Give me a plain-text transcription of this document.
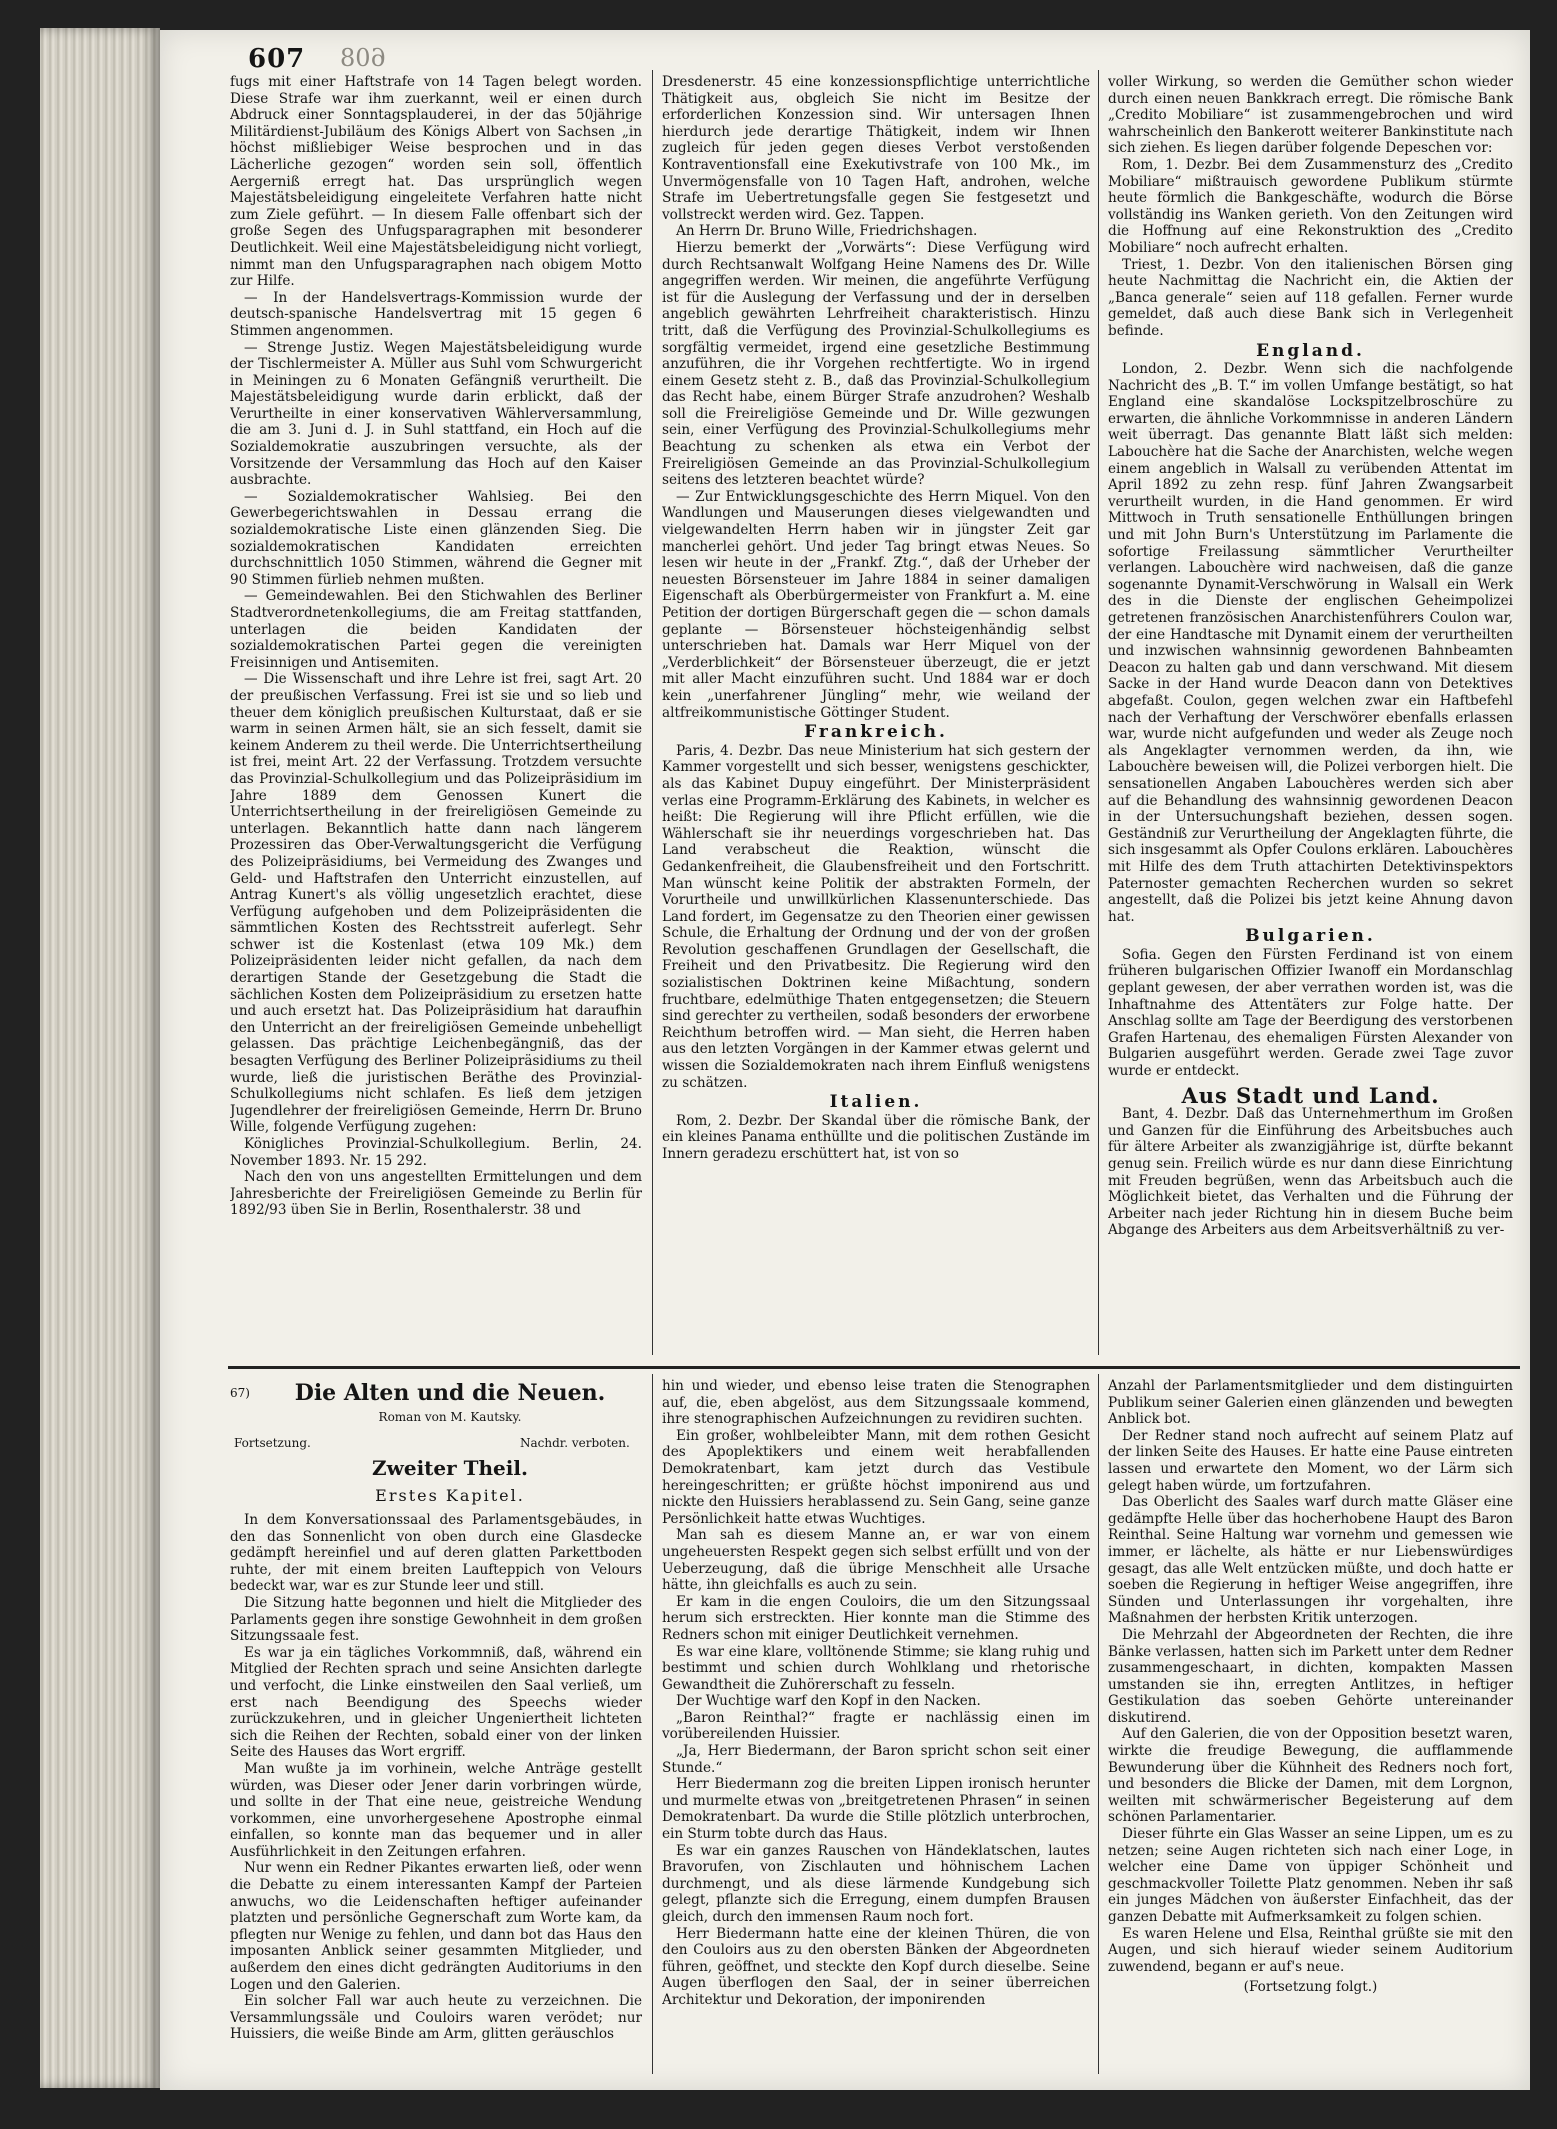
607 608

fugs mit einer Haftstrafe von 14 Tagen belegt worden. Diese Strafe war ihm zuerkannt, weil er einen durch Abdruck einer Sonntagsplauderei, in der das 50jährige Militärdienst-Jubiläum des Königs Albert von Sachsen „in höchst mißliebiger Weise besprochen und in das Lächerliche gezogen“ worden sein soll, öffentlich Aergerniß erregt hat. Das ursprünglich wegen Majestätsbeleidigung eingeleitete Verfahren hatte nicht zum Ziele geführt. — In diesem Falle offenbart sich der große Segen des Unfugsparagraphen mit besonderer Deutlichkeit. Weil eine Majestätsbeleidigung nicht vorliegt, nimmt man den Unfugsparagraphen nach obigem Motto zur Hilfe.

— In der Handelsvertrags-Kommission wurde der deutsch-spanische Handelsvertrag mit 15 gegen 6 Stimmen angenommen.

— Strenge Justiz. Wegen Majestätsbeleidigung wurde der Tischlermeister A. Müller aus Suhl vom Schwurgericht in Meiningen zu 6 Monaten Gefängniß verurtheilt. Die Majestätsbeleidigung wurde darin erblickt, daß der Verurtheilte in einer konservativen Wählerversammlung, die am 3. Juni d. J. in Suhl stattfand, ein Hoch auf die Sozialdemokratie auszubringen versuchte, als der Vorsitzende der Versammlung das Hoch auf den Kaiser ausbrachte.

— Sozialdemokratischer Wahlsieg. Bei den Gewerbegerichtswahlen in Dessau errang die sozialdemokratische Liste einen glänzenden Sieg. Die sozialdemokratischen Kandidaten erreichten durchschnittlich 1050 Stimmen, während die Gegner mit 90 Stimmen fürlieb nehmen mußten.

— Gemeindewahlen. Bei den Stichwahlen des Berliner Stadtverordnetenkollegiums, die am Freitag stattfanden, unterlagen die beiden Kandidaten der sozialdemokratischen Partei gegen die vereinigten Freisinnigen und Antisemiten.

— Die Wissenschaft und ihre Lehre ist frei, sagt Art. 20 der preußischen Verfassung. Frei ist sie und so lieb und theuer dem königlich preußischen Kulturstaat, daß er sie warm in seinen Armen hält, sie an sich fesselt, damit sie keinem Anderem zu theil werde. Die Unterrichtsertheilung ist frei, meint Art. 22 der Verfassung. Trotzdem versuchte das Provinzial-Schulkollegium und das Polizeipräsidium im Jahre 1889 dem Genossen Kunert die Unterrichtsertheilung in der freireligiösen Gemeinde zu unterlagen. Bekanntlich hatte dann nach längerem Prozessiren das Ober-Verwaltungsgericht die Verfügung des Polizeipräsidiums, bei Vermeidung des Zwanges und Geld- und Haftstrafen den Unterricht einzustellen, auf Antrag Kunert's als völlig ungesetzlich erachtet, diese Verfügung aufgehoben und dem Polizeipräsidenten die sämmtlichen Kosten des Rechtsstreit auferlegt. Sehr schwer ist die Kostenlast (etwa 109 Mk.) dem Polizeipräsidenten leider nicht gefallen, da nach dem derartigen Stande der Gesetzgebung die Stadt die sächlichen Kosten dem Polizeipräsidium zu ersetzen hatte und auch ersetzt hat. Das Polizeipräsidium hat daraufhin den Unterricht an der freireligiösen Gemeinde unbehelligt gelassen. Das prächtige Leichenbegängniß, das der besagten Verfügung des Berliner Polizeipräsidiums zu theil wurde, ließ die juristischen Beräthe des Provinzial-Schulkollegiums nicht schlafen. Es ließ dem jetzigen Jugendlehrer der freireligiösen Gemeinde, Herrn Dr. Bruno Wille, folgende Verfügung zugehen:

Königliches Provinzial-Schulkollegium. Berlin, 24. November 1893. Nr. 15 292.

Nach den von uns angestellten Ermittelungen und dem Jahresberichte der Freireligiösen Gemeinde zu Berlin für 1892/93 üben Sie in Berlin, Rosenthalerstr. 38 und

Dresdenerstr. 45 eine konzessionspflichtige unterrichtliche Thätigkeit aus, obgleich Sie nicht im Besitze der erforderlichen Konzession sind. Wir untersagen Ihnen hierdurch jede derartige Thätigkeit, indem wir Ihnen zugleich für jeden gegen dieses Verbot verstoßenden Kontraventionsfall eine Exekutivstrafe von 100 Mk., im Unvermögensfalle von 10 Tagen Haft, androhen, welche Strafe im Uebertretungsfalle gegen Sie festgesetzt und vollstreckt werden wird. Gez. Tappen.

An Herrn Dr. Bruno Wille, Friedrichshagen.

Hierzu bemerkt der „Vorwärts“: Diese Verfügung wird durch Rechtsanwalt Wolfgang Heine Namens des Dr. Wille angegriffen werden. Wir meinen, die angeführte Verfügung ist für die Auslegung der Verfassung und der in derselben angeblich gewährten Lehrfreiheit charakteristisch. Hinzu tritt, daß die Verfügung des Provinzial-Schulkollegiums es sorgfältig vermeidet, irgend eine gesetzliche Bestimmung anzuführen, die ihr Vorgehen rechtfertigte. Wo in irgend einem Gesetz steht z. B., daß das Provinzial-Schulkollegium das Recht habe, einem Bürger Strafe anzudrohen? Weshalb soll die Freireligiöse Gemeinde und Dr. Wille gezwungen sein, einer Verfügung des Provinzial-Schulkollegiums mehr Beachtung zu schenken als etwa ein Verbot der Freireligiösen Gemeinde an das Provinzial-Schulkollegium seitens des letzteren beachtet würde?

— Zur Entwicklungsgeschichte des Herrn Miquel. Von den Wandlungen und Mauserungen dieses vielgewandten und vielgewandelten Herrn haben wir in jüngster Zeit gar mancherlei gehört. Und jeder Tag bringt etwas Neues. So lesen wir heute in der „Frankf. Ztg.“, daß der Urheber der neuesten Börsensteuer im Jahre 1884 in seiner damaligen Eigenschaft als Oberbürgermeister von Frankfurt a. M. eine Petition der dortigen Bürgerschaft gegen die — schon damals geplante — Börsensteuer höchsteigenhändig selbst unterschrieben hat. Damals war Herr Miquel von der „Verderblichkeit“ der Börsensteuer überzeugt, die er jetzt mit aller Macht einzuführen sucht. Und 1884 war er doch kein „unerfahrener Jüngling“ mehr, wie weiland der altfreikommunistische Göttinger Student.

Frankreich.

Paris, 4. Dezbr. Das neue Ministerium hat sich gestern der Kammer vorgestellt und sich besser, wenigstens geschickter, als das Kabinet Dupuy eingeführt. Der Ministerpräsident verlas eine Programm-Erklärung des Kabinets, in welcher es heißt: Die Regierung will ihre Pflicht erfüllen, wie die Wählerschaft sie ihr neuerdings vorgeschrieben hat. Das Land verabscheut die Reaktion, wünscht die Gedankenfreiheit, die Glaubensfreiheit und den Fortschritt. Man wünscht keine Politik der abstrakten Formeln, der Vorurtheile und unwillkürlichen Klassenunterschiede. Das Land fordert, im Gegensatze zu den Theorien einer gewissen Schule, die Erhaltung der Ordnung und der von der großen Revolution geschaffenen Grundlagen der Gesellschaft, die Freiheit und den Privatbesitz. Die Regierung wird den sozialistischen Doktrinen keine Mißachtung, sondern fruchtbare, edelmüthige Thaten entgegensetzen; die Steuern sind gerechter zu vertheilen, sodaß besonders der erworbene Reichthum betroffen wird. — Man sieht, die Herren haben aus den letzten Vorgängen in der Kammer etwas gelernt und wissen die Sozialdemokraten nach ihrem Einfluß wenigstens zu schätzen.

Italien.

Rom, 2. Dezbr. Der Skandal über die römische Bank, der ein kleines Panama enthüllte und die politischen Zustände im Innern geradezu erschüttert hat, ist von so

voller Wirkung, so werden die Gemüther schon wieder durch einen neuen Bankkrach erregt. Die römische Bank „Credito Mobiliare“ ist zusammengebrochen und wird wahrscheinlich den Bankerott weiterer Bankinstitute nach sich ziehen. Es liegen darüber folgende Depeschen vor:

Rom, 1. Dezbr. Bei dem Zusammensturz des „Credito Mobiliare“ mißtrauisch gewordene Publikum stürmte heute förmlich die Bankgeschäfte, wodurch die Börse vollständig ins Wanken gerieth. Von den Zeitungen wird die Hoffnung auf eine Rekonstruktion des „Credito Mobiliare“ noch aufrecht erhalten.

Triest, 1. Dezbr. Von den italienischen Börsen ging heute Nachmittag die Nachricht ein, die Aktien der „Banca generale“ seien auf 118 gefallen. Ferner wurde gemeldet, daß auch diese Bank sich in Verlegenheit befinde.

England.

London, 2. Dezbr. Wenn sich die nachfolgende Nachricht des „B. T.“ im vollen Umfange bestätigt, so hat England eine skandalöse Lockspitzelbroschüre zu erwarten, die ähnliche Vorkommnisse in anderen Ländern weit überragt. Das genannte Blatt läßt sich melden: Labouchère hat die Sache der Anarchisten, welche wegen einem angeblich in Walsall zu verübenden Attentat im April 1892 zu zehn resp. fünf Jahren Zwangsarbeit verurtheilt wurden, in die Hand genommen. Er wird Mittwoch in Truth sensationelle Enthüllungen bringen und mit John Burn's Unterstützung im Parlamente die sofortige Freilassung sämmtlicher Verurtheilter verlangen. Labouchère wird nachweisen, daß die ganze sogenannte Dynamit-Verschwörung in Walsall ein Werk des in die Dienste der englischen Geheimpolizei getretenen französischen Anarchistenführers Coulon war, der eine Handtasche mit Dynamit einem der verurtheilten und inzwischen wahnsinnig gewordenen Bahnbeamten Deacon zu halten gab und dann verschwand. Mit diesem Sacke in der Hand wurde Deacon dann von Detektives abgefaßt. Coulon, gegen welchen zwar ein Haftbefehl nach der Verhaftung der Verschwörer ebenfalls erlassen war, wurde nicht aufgefunden und weder als Zeuge noch als Angeklagter vernommen werden, da ihn, wie Labouchère beweisen will, die Polizei verborgen hielt. Die sensationellen Angaben Labouchères werden sich aber auf die Behandlung des wahnsinnig gewordenen Deacon in der Untersuchungshaft beziehen, dessen sogen. Geständniß zur Verurtheilung der Angeklagten führte, die sich insgesammt als Opfer Coulons erklären. Labouchères mit Hilfe des dem Truth attachirten Detektivinspektors Paternoster gemachten Recherchen wurden so sekret angestellt, daß die Polizei bis jetzt keine Ahnung davon hat.

Bulgarien.

Sofia. Gegen den Fürsten Ferdinand ist von einem früheren bulgarischen Offizier Iwanoff ein Mordanschlag geplant gewesen, der aber verrathen worden ist, was die Inhaftnahme des Attentäters zur Folge hatte. Der Anschlag sollte am Tage der Beerdigung des verstorbenen Grafen Hartenau, des ehemaligen Fürsten Alexander von Bulgarien ausgeführt werden. Gerade zwei Tage zuvor wurde er entdeckt.

Aus Stadt und Land.

Bant, 4. Dezbr. Daß das Unternehmerthum im Großen und Ganzen für die Einführung des Arbeitsbuches auch für ältere Arbeiter als zwanzigjährige ist, dürfte bekannt genug sein. Freilich würde es nur dann diese Einrichtung mit Freuden begrüßen, wenn das Arbeitsbuch auch die Möglichkeit bietet, das Verhalten und die Führung der Arbeiter nach jeder Richtung hin in diesem Buche beim Abgange des Arbeiters aus dem Arbeitsverhältniß zu ver-

67)	Die Alten und die Neuen.
Roman von M. Kautsky.
Fortsetzung.	Nachdr. verboten.
Zweiter Theil.
Erstes Kapitel.

In dem Konversationssaal des Parlamentsgebäudes, in den das Sonnenlicht von oben durch eine Glasdecke gedämpft hereinfiel und auf deren glatten Parkettboden ruhte, der mit einem breiten Laufteppich von Velours bedeckt war, war es zur Stunde leer und still.

Die Sitzung hatte begonnen und hielt die Mitglieder des Parlaments gegen ihre sonstige Gewohnheit in dem großen Sitzungssaale fest.

Es war ja ein tägliches Vorkommniß, daß, während ein Mitglied der Rechten sprach und seine Ansichten darlegte und verfocht, die Linke einstweilen den Saal verließ, um erst nach Beendigung des Speechs wieder zurückzukehren, und in gleicher Ungeniertheit lichteten sich die Reihen der Rechten, sobald einer von der linken Seite des Hauses das Wort ergriff.

Man wußte ja im vorhinein, welche Anträge gestellt würden, was Dieser oder Jener darin vorbringen würde, und sollte in der That eine neue, geistreiche Wendung vorkommen, eine unvorhergesehene Apostrophe einmal einfallen, so konnte man das bequemer und in aller Ausführlichkeit in den Zeitungen erfahren.

Nur wenn ein Redner Pikantes erwarten ließ, oder wenn die Debatte zu einem interessanten Kampf der Parteien anwuchs, wo die Leidenschaften heftiger aufeinander platzten und persönliche Gegnerschaft zum Worte kam, da pflegten nur Wenige zu fehlen, und dann bot das Haus den imposanten Anblick seiner gesammten Mitglieder, und außerdem den eines dicht gedrängten Auditoriums in den Logen und den Galerien.

Ein solcher Fall war auch heute zu verzeichnen. Die Versammlungssäle und Couloirs waren verödet; nur Huissiers, die weiße Binde am Arm, glitten geräuschlos

hin und wieder, und ebenso leise traten die Stenographen auf, die, eben abgelöst, aus dem Sitzungssaale kommend, ihre stenographischen Aufzeichnungen zu revidiren suchten.

Ein großer, wohlbeleibter Mann, mit dem rothen Gesicht des Apoplektikers und einem weit herabfallenden Demokratenbart, kam jetzt durch das Vestibule hereingeschritten; er grüßte höchst imponirend aus und nickte den Huissiers herablassend zu. Sein Gang, seine ganze Persönlichkeit hatte etwas Wuchtiges.

Man sah es diesem Manne an, er war von einem ungeheuersten Respekt gegen sich selbst erfüllt und von der Ueberzeugung, daß die übrige Menschheit alle Ursache hätte, ihn gleichfalls es auch zu sein.

Er kam in die engen Couloirs, die um den Sitzungssaal herum sich erstreckten. Hier konnte man die Stimme des Redners schon mit einiger Deutlichkeit vernehmen.

Es war eine klare, volltönende Stimme; sie klang ruhig und bestimmt und schien durch Wohlklang und rhetorische Gewandtheit die Zuhörerschaft zu fesseln.

Der Wuchtige warf den Kopf in den Nacken.

„Baron Reinthal?“ fragte er nachlässig einen im vorübereilenden Huissier.

„Ja, Herr Biedermann, der Baron spricht schon seit einer Stunde.“

Herr Biedermann zog die breiten Lippen ironisch herunter und murmelte etwas von „breitgetretenen Phrasen“ in seinen Demokratenbart. Da wurde die Stille plötzlich unterbrochen, ein Sturm tobte durch das Haus.

Es war ein ganzes Rauschen von Händeklatschen, lautes Bravorufen, von Zischlauten und höhnischem Lachen durchmengt, und als diese lärmende Kundgebung sich gelegt, pflanzte sich die Erregung, einem dumpfen Brausen gleich, durch den immensen Raum noch fort.

Herr Biedermann hatte eine der kleinen Thüren, die von den Couloirs aus zu den obersten Bänken der Abgeordneten führen, geöffnet, und steckte den Kopf durch dieselbe. Seine Augen überflogen den Saal, der in seiner überreichen Architektur und Dekoration, der imponirenden

Anzahl der Parlamentsmitglieder und dem distinguirten Publikum seiner Galerien einen glänzenden und bewegten Anblick bot.

Der Redner stand noch aufrecht auf seinem Platz auf der linken Seite des Hauses. Er hatte eine Pause eintreten lassen und erwartete den Moment, wo der Lärm sich gelegt haben würde, um fortzufahren.

Das Oberlicht des Saales warf durch matte Gläser eine gedämpfte Helle über das hocherhobene Haupt des Baron Reinthal. Seine Haltung war vornehm und gemessen wie immer, er lächelte, als hätte er nur Liebenswürdiges gesagt, das alle Welt entzücken müßte, und doch hatte er soeben die Regierung in heftiger Weise angegriffen, ihre Sünden und Unterlassungen ihr vorgehalten, ihre Maßnahmen der herbsten Kritik unterzogen.

Die Mehrzahl der Abgeordneten der Rechten, die ihre Bänke verlassen, hatten sich im Parkett unter dem Redner zusammengeschaart, in dichten, kompakten Massen umstanden sie ihn, erregten Antlitzes, in heftiger Gestikulation das soeben Gehörte untereinander diskutirend.

Auf den Galerien, die von der Opposition besetzt waren, wirkte die freudige Bewegung, die aufflammende Bewunderung über die Kühnheit des Redners noch fort, und besonders die Blicke der Damen, mit dem Lorgnon, weilten mit schwärmerischer Begeisterung auf dem schönen Parlamentarier.

Dieser führte ein Glas Wasser an seine Lippen, um es zu netzen; seine Augen richteten sich nach einer Loge, in welcher eine Dame von üppiger Schönheit und geschmackvoller Toilette Platz genommen. Neben ihr saß ein junges Mädchen von äußerster Einfachheit, das der ganzen Debatte mit Aufmerksamkeit zu folgen schien.

Es waren Helene und Elsa, Reinthal grüßte sie mit den Augen, und sich hierauf wieder seinem Auditorium zuwendend, begann er auf's neue.

(Fortsetzung folgt.)
